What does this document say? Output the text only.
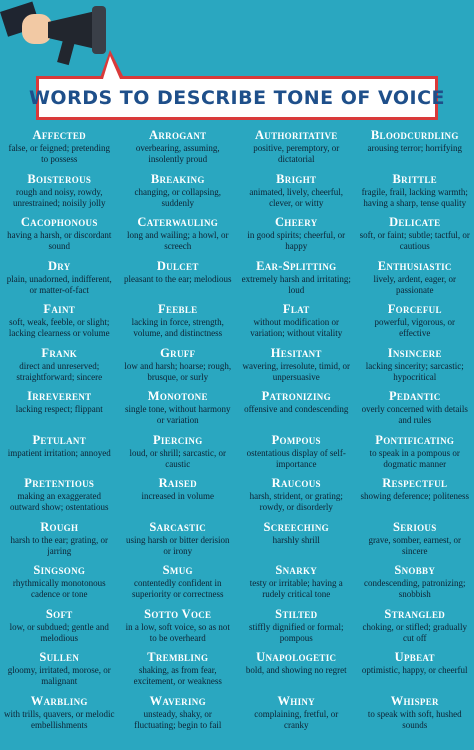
WORDS TO DESCRIBE TONE OF VOICE
Affected
false, or feigned; pretending to possess
Arrogant
overbearing, assuming, insolently proud
Authoritative
positive, peremptory, or dictatorial
Bloodcurdling
arousing terror; horrifying
Boisterous
rough and noisy, rowdy, unrestrained; noisily jolly
Breaking
changing, or collapsing, suddenly
Bright
animated, lively, cheerful, clever, or witty
Brittle
fragile, frail, lacking warmth; having a sharp, tense quality
Cacophonous
having a harsh, or discordant sound
Caterwauling
long and wailing; a howl, or screech
Cheery
in good spirits; cheerful, or happy
Delicate
soft, or faint; subtle; tactful, or cautious
Dry
plain, unadorned, indifferent, or matter-of-fact
Dulcet
pleasant to the ear; melodious
Ear-Splitting
extremely harsh and irritating; loud
Enthusiastic
lively, ardent, eager, or passionate
Faint
soft, weak, feeble, or slight; lacking clearness or volume
Feeble
lacking in force, strength, volume, and distinctness
Flat
without modification or variation; without vitality
Forceful
powerful, vigorous, or effective
Frank
direct and unreserved; straightforward; sincere
Gruff
low and harsh; hoarse; rough, brusque, or surly
Hesitant
wavering, irresolute, timid, or unpersuasive
Insincere
lacking sincerity; sarcastic; hypocritical
Irreverent
lacking respect; flippant
Monotone
single tone, without harmony or variation
Patronizing
offensive and condescending
Pedantic
overly concerned with details and rules
Petulant
impatient irritation; annoyed
Piercing
loud, or shrill; sarcastic, or caustic
Pompous
ostentatious display of self-importance
Pontificating
to speak in a pompous or dogmatic manner
Pretentious
making an exaggerated outward show; ostentatious
Raised
increased in volume
Raucous
harsh, strident, or grating; rowdy, or disorderly
Respectful
showing deference; politeness
Rough
harsh to the ear; grating, or jarring
Sarcastic
using harsh or bitter derision or irony
Screeching
harshly shrill
Serious
grave, somber, earnest, or sincere
Singsong
rhythmically monotonous cadence or tone
Smug
contentedly confident in superiority or correctness
Snarky
testy or irritable; having a rudely critical tone
Snobby
condescending, patronizing; snobbish
Soft
low, or subdued; gentle and melodious
Sotto Voce
in a low, soft voice, so as not to be overheard
Stilted
stiffly dignified or formal; pompous
Strangled
choking, or stifled; gradually cut off
Sullen
gloomy, irritated, morose, or malignant
Trembling
shaking, as from fear, excitement, or weakness
Unapologetic
bold, and showing no regret
Upbeat
optimistic, happy, or cheerful
Warbling
with trills, quavers, or melodic embellishments
Wavering
unsteady, shaky, or fluctuating; begin to fail
Whiny
complaining, fretful, or cranky
Whisper
to speak with soft, hushed sounds
